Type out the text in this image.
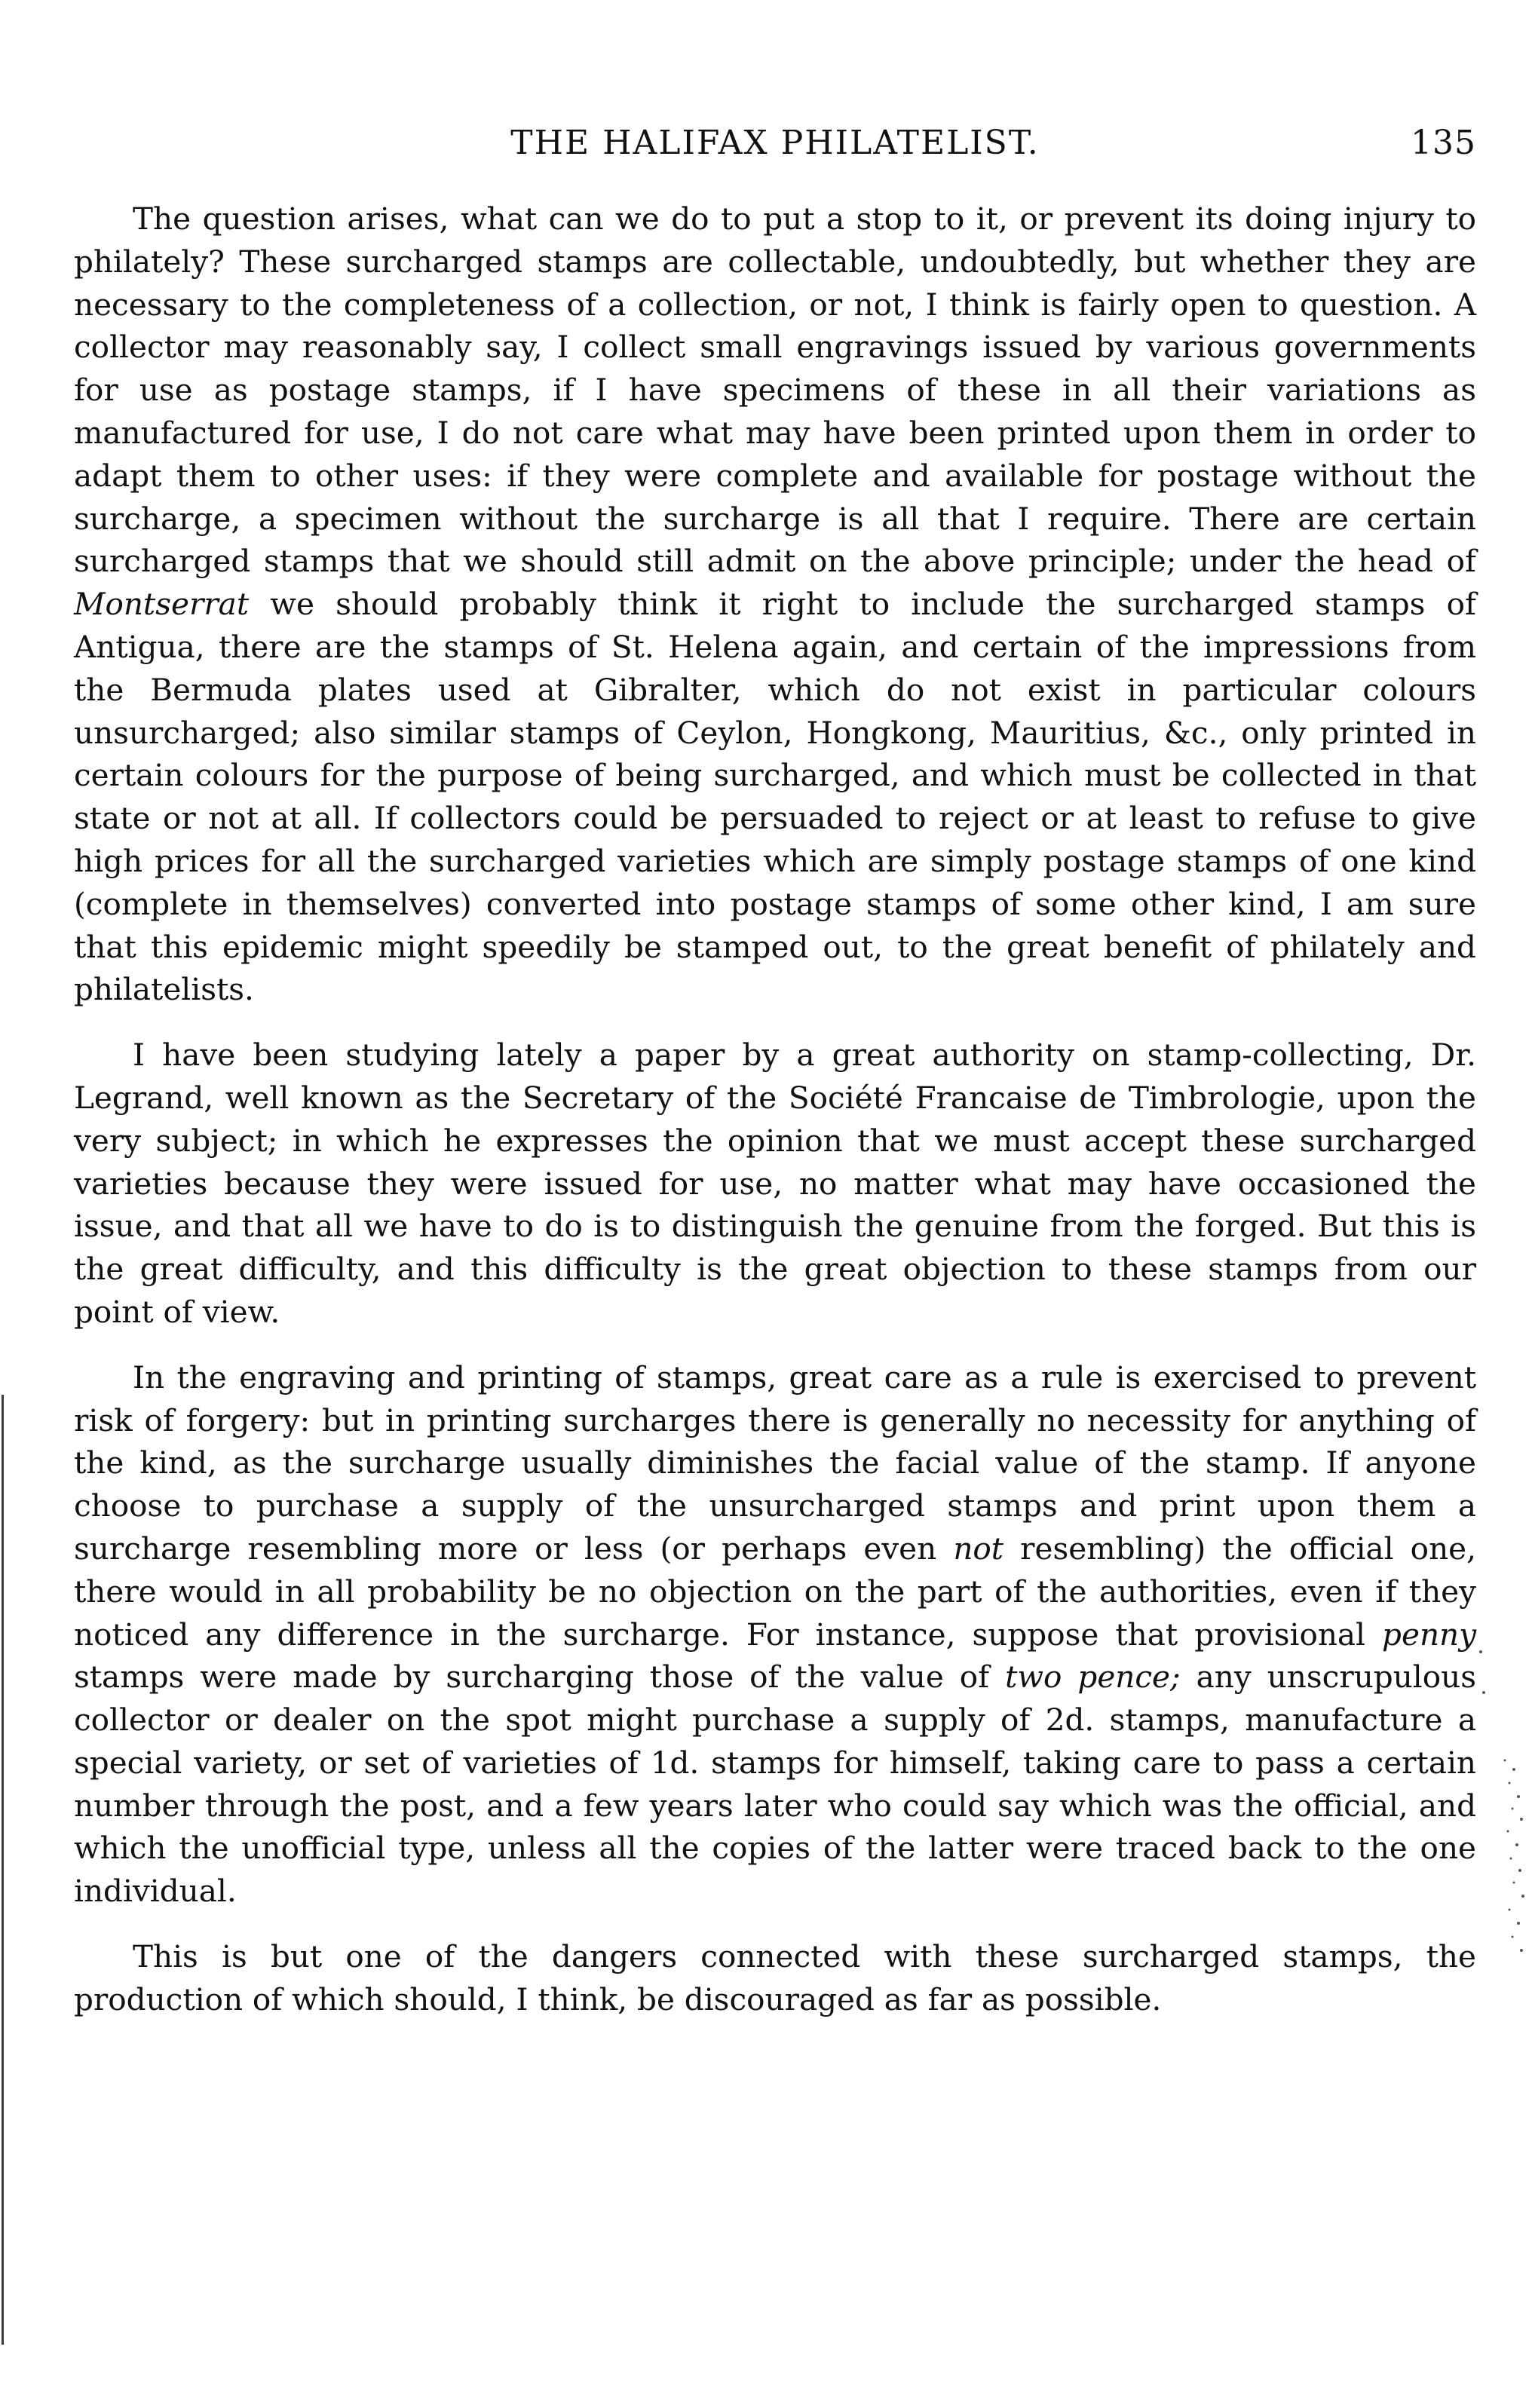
THE HALIFAX PHILATELIST.	135

The question arises, what can we do to put a stop to it, or prevent its doing injury to philately? These surcharged stamps are collectable, undoubtedly, but whether they are necessary to the completeness of a collection, or not, I think is fairly open to question. A collector may reasonably say, I collect small engravings issued by various governments for use as postage stamps, if I have specimens of these in all their variations as manufactured for use, I do not care what may have been printed upon them in order to adapt them to other uses: if they were complete and available for postage without the surcharge, a specimen without the surcharge is all that I require. There are certain surcharged stamps that we should still admit on the above principle; under the head of Montserrat we should probably think it right to include the surcharged stamps of Antigua, there are the stamps of St. Helena again, and certain of the impressions from the Bermuda plates used at Gibralter, which do not exist in particular colours unsurcharged; also similar stamps of Ceylon, Hongkong, Mauritius, &c., only printed in certain colours for the purpose of being surcharged, and which must be collected in that state or not at all. If collectors could be persuaded to reject or at least to refuse to give high prices for all the surcharged varieties which are simply postage stamps of one kind (complete in themselves) converted into postage stamps of some other kind, I am sure that this epidemic might speedily be stamped out, to the great benefit of philately and philatelists.

I have been studying lately a paper by a great authority on stamp-collecting, Dr. Legrand, well known as the Secretary of the Société Francaise de Timbrologie, upon the very subject; in which he expresses the opinion that we must accept these surcharged varieties because they were issued for use, no matter what may have occasioned the issue, and that all we have to do is to distinguish the genuine from the forged. But this is the great difficulty, and this difficulty is the great objection to these stamps from our point of view.

In the engraving and printing of stamps, great care as a rule is exercised to prevent risk of forgery: but in printing surcharges there is generally no necessity for anything of the kind, as the surcharge usually diminishes the facial value of the stamp. If anyone choose to purchase a supply of the unsurcharged stamps and print upon them a surcharge resembling more or less (or perhaps even not resembling) the official one, there would in all probability be no objection on the part of the authorities, even if they noticed any difference in the surcharge. For instance, suppose that provisional penny stamps were made by surcharging those of the value of two pence; any unscrupulous collector or dealer on the spot might purchase a supply of 2d. stamps, manufacture a special variety, or set of varieties of 1d. stamps for himself, taking care to pass a certain number through the post, and a few years later who could say which was the official, and which the unofficial type, unless all the copies of the latter were traced back to the one individual.

This is but one of the dangers connected with these surcharged stamps, the production of which should, I think, be discouraged as far as possible.
